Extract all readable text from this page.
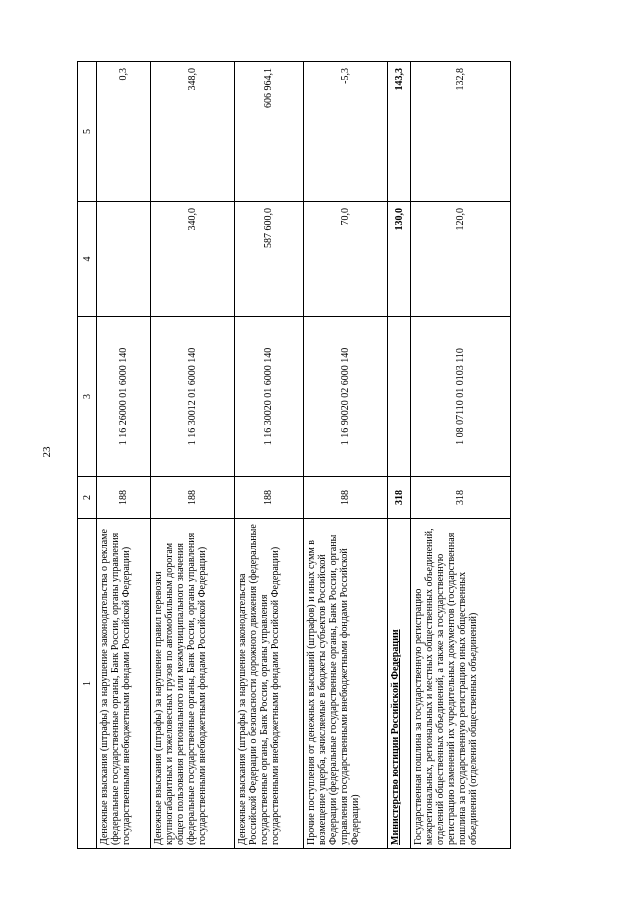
23
1	2	3	4	5
Денежные взыскания (штрафы) за нарушение законодательства о рекламе (федеральные государственные органы, Банк России, органы управления государственными внебюджетными фондами Российской Федерации)	188	1 16 26000 01 6000 140		0,3
Денежные взыскания (штрафы) за нарушение правил перевозки крупногабаритных и тяжеловесных грузов по автомобильным дорогам общего пользования регионального или межмуниципального значения (федеральные государственные органы, Банк России, органы управления государственными внебюджетными фондами Российской Федерации)	188	1 16 30012 01 6000 140	340,0	348,0
Денежные взыскания (штрафы) за нарушение законодательства Российской Федерации о безопасности дорожного движения (федеральные государственные органы, Банк России, органы управления государственными внебюджетными фондами Российской Федерации)	188	1 16 30020 01 6000 140	587 600,0	606 964,1
Прочие поступления от денежных взысканий (штрафов) и иных сумм в возмещение ущерба, зачисляемые в бюджеты субъектов Российской Федерации (федеральные государственные органы, Банк России, органы управления государственными внебюджетными фондами Российской Федерации)	188	1 16 90020 02 6000 140	70,0	-5,3
Министерство юстиции Российской Федерации	318		130,0	143,3
Государственная пошлина за государственную регистрацию межрегиональных, региональных и местных общественных объединений, отделений общественных объединений, а также за государственную регистрацию изменений их учредительных документов (государственная пошлина за государственную регистрацию иных общественных объединений (отделений общественных объединений)	318	1 08 07110 01 0103 110	120,0	132,8
